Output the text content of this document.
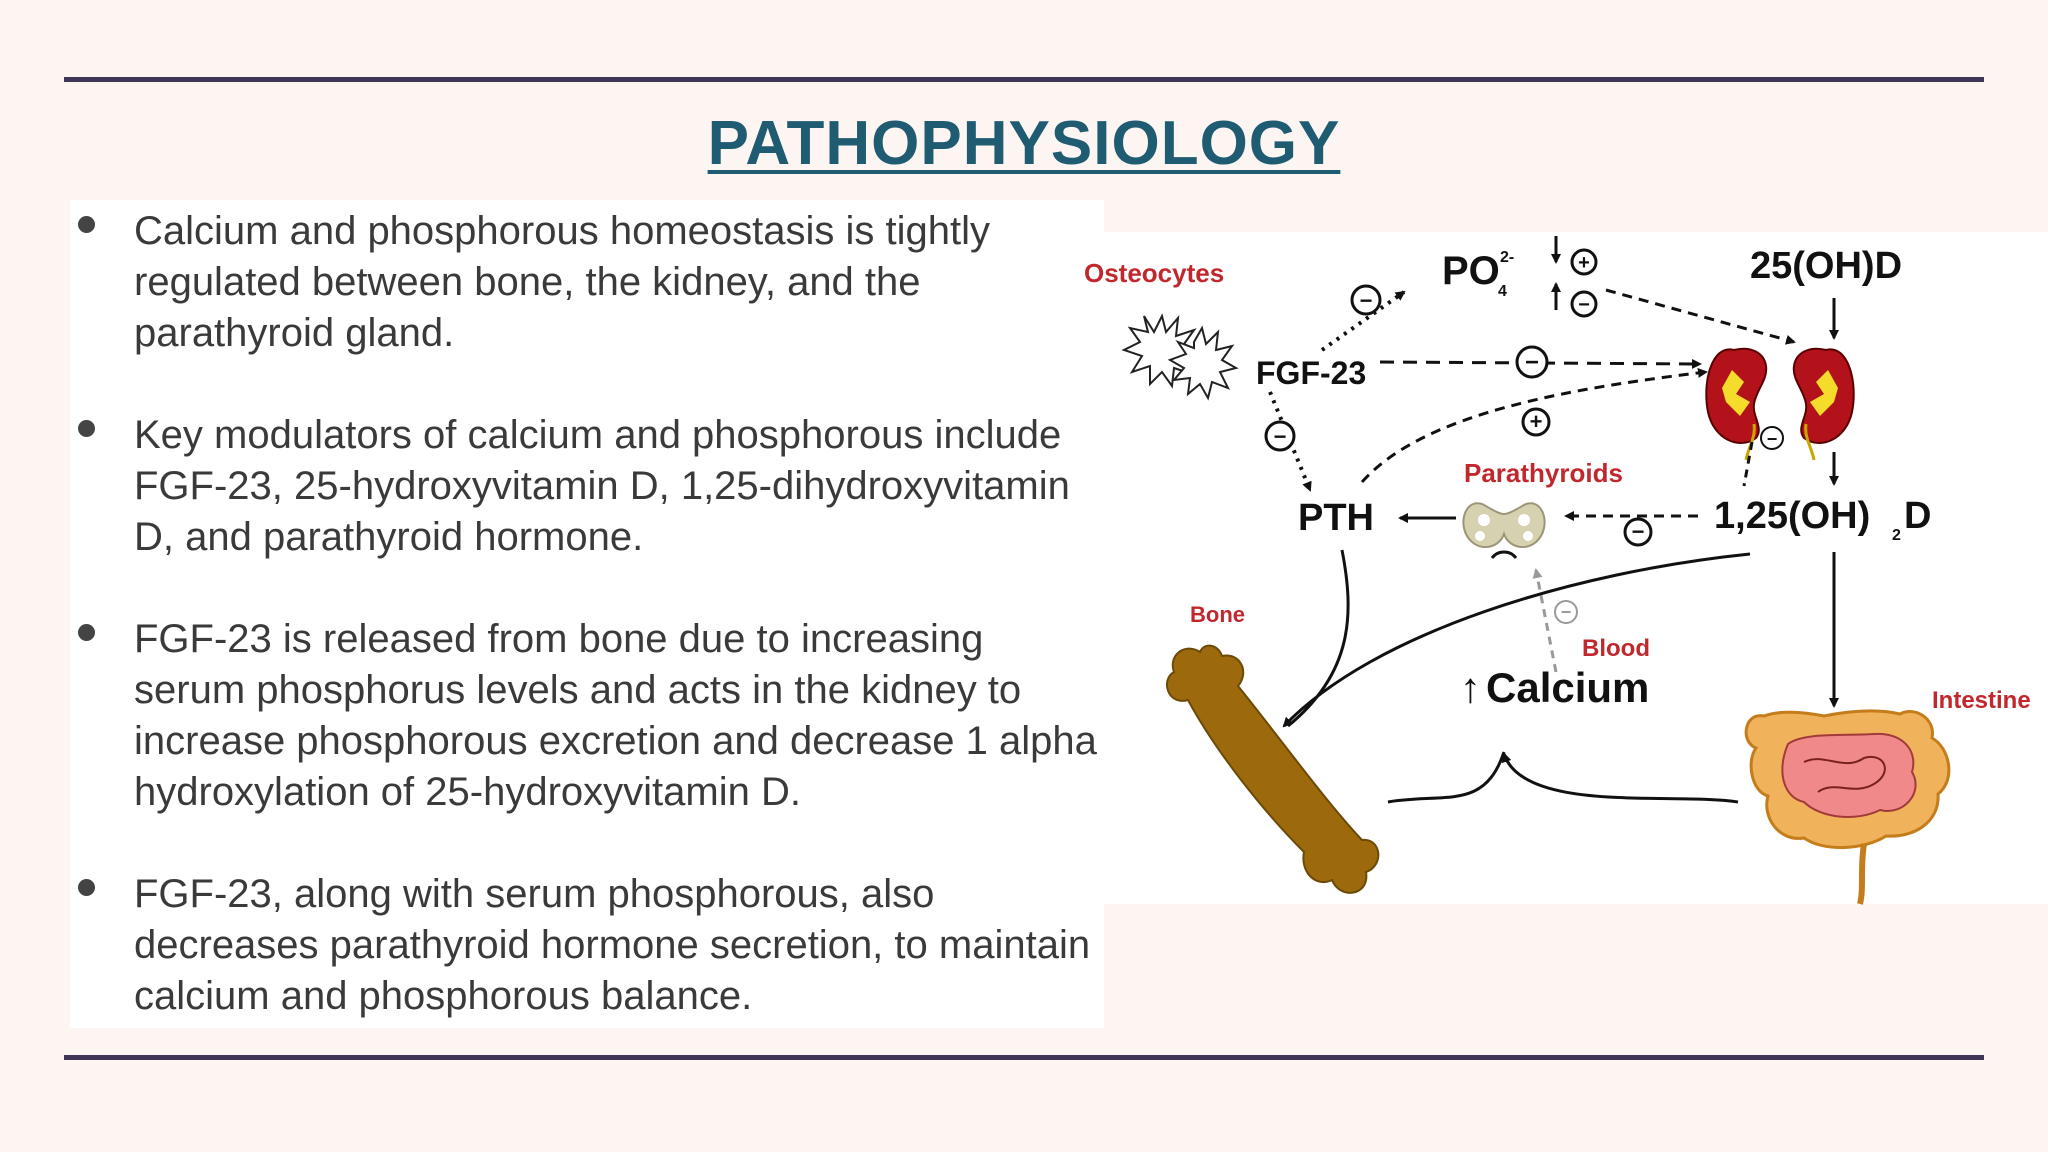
PATHOPHYSIOLOGY
Calcium and phosphorous homeostasis is tightly regulated between bone, the kidney, and the parathyroid gland.
Key modulators of calcium and phosphorous include FGF-23, 25-hydroxyvitamin D, 1,25-dihydroxyvitamin D, and parathyroid hormone.
FGF-23 is released from bone due to increasing serum phosphorus levels and acts in the kidney to increase phosphorous excretion and decrease 1 alpha hydroxylation of 25-hydroxyvitamin D.
FGF-23, along with serum phosphorous, also decreases parathyroid hormone secretion, to maintain calcium and phosphorous balance.
Osteocytes
FGF-23
PO
4
2-	+
−
25(OH)D
−
−
−
+
−
PTH
Parathyroids
− 1,25(OH) 2 D
−
Bone
Blood
↑ Calcium	Intestine
